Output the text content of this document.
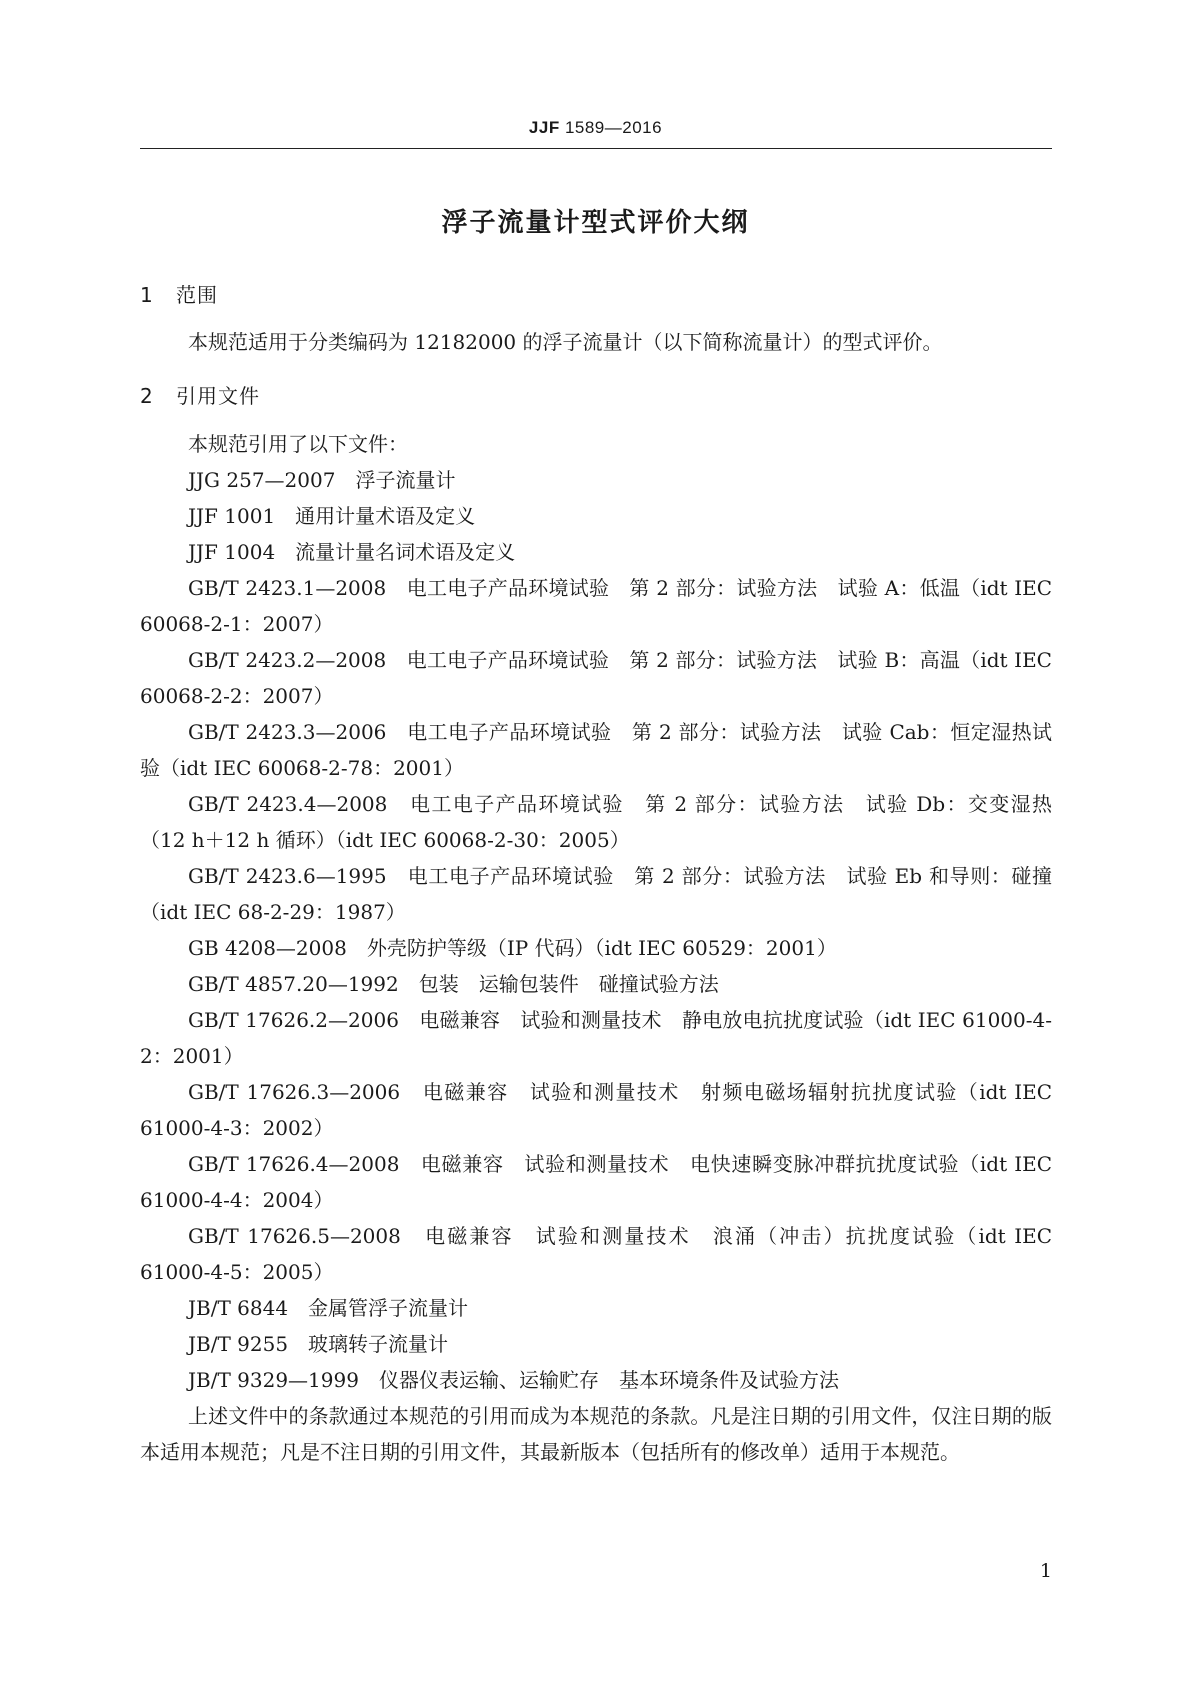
JJF 1589—2016
浮子流量计型式评价大纲
1 范围

本规范适用于分类编码为 12182000 的浮子流量计（以下简称流量计）的型式评价。

2 引用文件

本规范引用了以下文件：

JJG 257—2007　浮子流量计

JJF 1001　通用计量术语及定义

JJF 1004　流量计量名词术语及定义

GB/T 2423.1—2008　电工电子产品环境试验　第 2 部分：试验方法　试验 A：低温（idt IEC 60068-2-1：2007）

GB/T 2423.2—2008　电工电子产品环境试验　第 2 部分：试验方法　试验 B：高温（idt IEC 60068-2-2：2007）

GB/T 2423.3—2006　电工电子产品环境试验　第 2 部分：试验方法　试验 Cab：恒定湿热试验（idt IEC 60068-2-78：2001）

GB/T 2423.4—2008　电工电子产品环境试验　第 2 部分：试验方法　试验 Db：交变湿热（12 h＋12 h 循环）（idt IEC 60068-2-30：2005）

GB/T 2423.6—1995　电工电子产品环境试验　第 2 部分：试验方法　试验 Eb 和导则：碰撞（idt IEC 68-2-29：1987）

GB 4208—2008　外壳防护等级（IP 代码）（idt IEC 60529：2001）

GB/T 4857.20—1992　包装　运输包装件　碰撞试验方法

GB/T 17626.2—2006　电磁兼容　试验和测量技术　静电放电抗扰度试验（idt IEC 61000-4-2：2001）

GB/T 17626.3—2006　电磁兼容　试验和测量技术　射频电磁场辐射抗扰度试验（idt IEC 61000-4-3：2002）

GB/T 17626.4—2008　电磁兼容　试验和测量技术　电快速瞬变脉冲群抗扰度试验（idt IEC 61000-4-4：2004）

GB/T 17626.5—2008　电磁兼容　试验和测量技术　浪涌（冲击）抗扰度试验（idt IEC 61000-4-5：2005）

JB/T 6844　金属管浮子流量计

JB/T 9255　玻璃转子流量计

JB/T 9329—1999　仪器仪表运输、运输贮存　基本环境条件及试验方法

上述文件中的条款通过本规范的引用而成为本规范的条款。凡是注日期的引用文件，仅注日期的版本适用本规范；凡是不注日期的引用文件，其最新版本（包括所有的修改单）适用于本规范。

1
